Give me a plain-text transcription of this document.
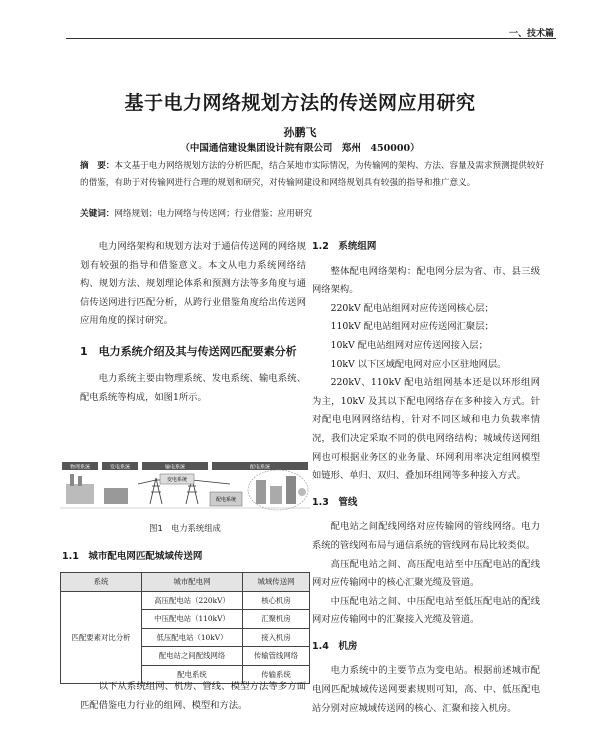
一、技术篇
基于电力网络规划方法的传送网应用研究
孙鹏飞
（中国通信建设集团设计院有限公司　郑州　450000）
摘　要：本文基于电力网络规划方法的分析匹配，结合某地市实际情况，为传输网的架构、方法、容量及需求预测提供较好的借鉴，有助于对传输网进行合理的规划和研究，对传输网建设和网络规划具有较强的指导和推广意义。
关键词：网络规划；电力网络与传送网；行业借鉴；应用研究

电力网络架构和规划方法对于通信传送网的网络规划有较强的指导和借鉴意义。本文从电力系统网络结构、规划方法、规划理论体系和预测方法等多角度与通信传送网进行匹配分析，从跨行业借鉴角度给出传送网应用角度的探讨研究。

1　电力系统介绍及其与传送网匹配要素分析

电力系统主要由物理系统、发电系统、输电系统、配电系统等构成，如图1所示。

物理系统	发电系统	输电系统	配电系统
变电系统
配电系统
图1　电力系统组成
1.1　城市配电网匹配城域传送网
系统	城市配电网	城域传送网
匹配要素对比分析	高压配电站（220kV）	核心机房
	中压配电站（110kV）	汇聚机房
	低压配电站（10kV）	接入机房
	配电站之间配线网络	传输管线网络
	配电系统	传输系统

以下从系统组网、机房、管线、模型方法等多方面匹配借鉴电力行业的组网、模型和方法。

1.2　系统组网

整体配电网络架构：配电网分层为省、市、县三级网络架构。

220kV 配电站组网对应传送网核心层；

110kV 配电站组网对应传送网汇聚层；

10kV 配电站组网对应传送网接入层；

10kV 以下区域配电网对应小区驻地网层。

220kV、110kV 配电站组网基本还是以环形组网为主，10kV 及其以下配电网络存在多种接入方式。针对配电电网网络结构，针对不同区域和电力负载率情况，我们决定采取不同的供电网络结构；城域传送网组网也可根据业务区的业务量、环网利用率决定组网模型如链形、单归、双归、叠加环组网等多种接入方式。

1.3　管线

配电站之间配线网络对应传输网的管线网络。电力系统的管线网布局与通信系统的管线网布局比较类似。

高压配电站之间、高压配电站至中压配电站的配线网对应传输网中的核心汇聚光缆及管道。

中压配电站之间、中压配电站至低压配电站的配线网对应传输网中的汇聚接入光缆及管道。

1.4　机房

电力系统中的主要节点为变电站。根据前述城市配电网匹配城域传送网要素规则可知，高、中、低压配电站分别对应城域传送网的核心、汇聚和接入机房。
